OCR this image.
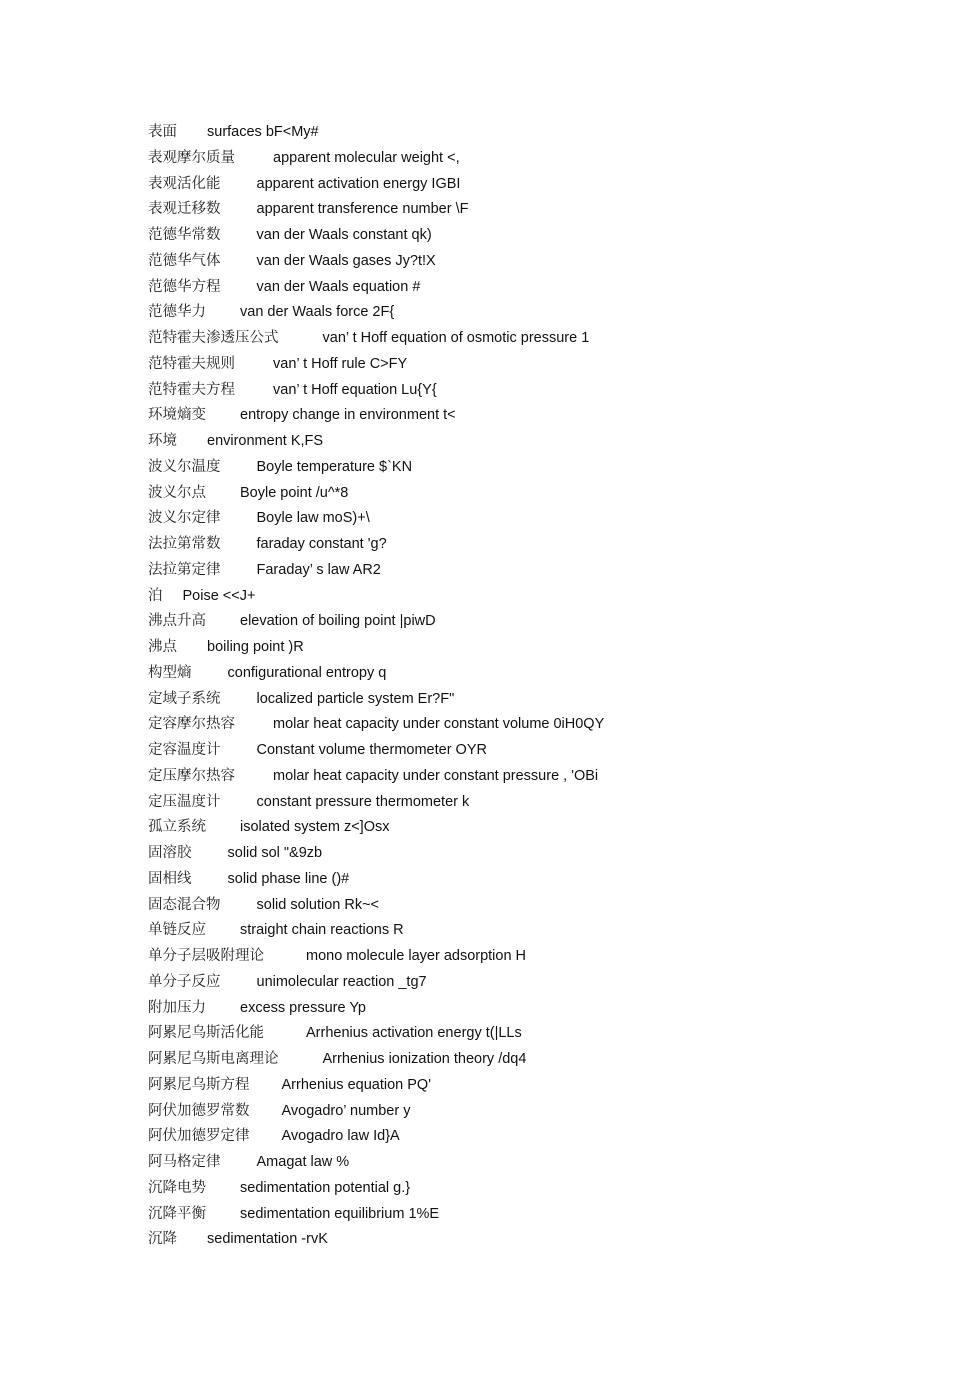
表面 surfaces bF<My#
表观摩尔质量	apparent molecular weight <,
表观活化能 apparent activation energy IGBI
表观迁移数 apparent transference number \F
范德华常数 van der Waals constant qk)
范德华气体 van der Waals gases Jy?t!X
范德华方程 van der Waals equation #
范德华力 van der Waals force 2F{
范特霍夫渗透压公式	van’ t Hoff equation of osmotic pressure 1
范特霍夫规则	van’ t Hoff rule C>FY
范特霍夫方程	van’ t Hoff equation Lu{Y{
环境熵变 entropy change in environment t<
环境 environment K,FS
波义尔温度 Boyle temperature $`KN
波义尔点 Boyle point /u^*8
波义尔定律 Boyle law moS)+\
法拉第常数 faraday constant 'g?
法拉第定律 Faraday’ s law AR2
泊 Poise <<J+
沸点升高 elevation of boiling point |piwD
沸点 boiling point )R
构型熵 configurational entropy q
定域子系统 localized particle system Er?F"
定容摩尔热容	molar heat capacity under constant volume 0iH0QY
定容温度计 Constant volume thermometer OYR
定压摩尔热容	molar heat capacity under constant pressure , 'OBi
定压温度计 constant pressure thermometer k
孤立系统 isolated system z<]Osx
固溶胶 solid sol "&9zb
固相线 solid phase line ()#
固态混合物 solid solution Rk~<
单链反应 straight chain reactions R
单分子层吸附理论	mono molecule layer adsorption H
单分子反应 unimolecular reaction _tg7
附加压力 excess pressure Yp
阿累尼乌斯活化能	Arrhenius activation energy t(|LLs
阿累尼乌斯电离理论	Arrhenius ionization theory /dq4
阿累尼乌斯方程 Arrhenius equation PQ'
阿伏加德罗常数 Avogadro’ number y
阿伏加德罗定律 Avogadro law Id}A
阿马格定律 Amagat law %
沉降电势 sedimentation potential g.}
沉降平衡 sedimentation equilibrium 1%E
沉降 sedimentation -rvK
